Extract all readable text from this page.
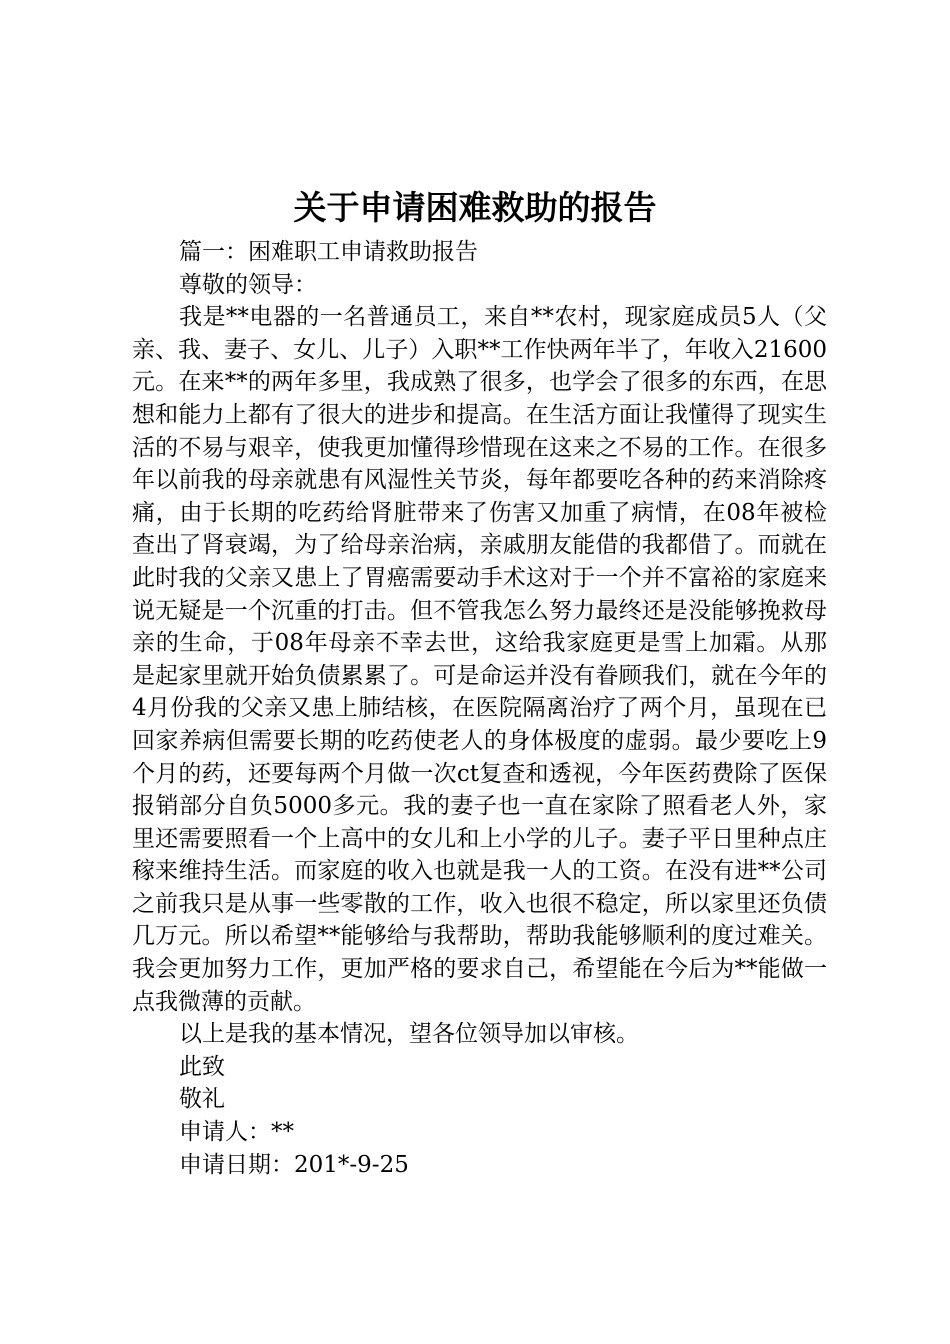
关于申请困难救助的报告
篇一：困难职工申请救助报告
尊敬的领导：

我是**电器的一名普通员工，来自**农村，现家庭成员5人（父亲、我、妻子、女儿、儿子）入职**工作快两年半了，年收入21600元。在来**的两年多里，我成熟了很多，也学会了很多的东西，在思想和能力上都有了很大的进步和提高。在生活方面让我懂得了现实生活的不易与艰辛，使我更加懂得珍惜现在这来之不易的工作。在很多年以前我的母亲就患有风湿性关节炎，每年都要吃各种的药来消除疼痛，由于长期的吃药给肾脏带来了伤害又加重了病情，在08年被检查出了肾衰竭，为了给母亲治病，亲戚朋友能借的我都借了。而就在此时我的父亲又患上了胃癌需要动手术这对于一个并不富裕的家庭来说无疑是一个沉重的打击。但不管我怎么努力最终还是没能够挽救母亲的生命，于08年母亲不幸去世，这给我家庭更是雪上加霜。从那是起家里就开始负债累累了。可是命运并没有眷顾我们，就在今年的4月份我的父亲又患上肺结核，在医院隔离治疗了两个月，虽现在已回家养病但需要长期的吃药使老人的身体极度的虚弱。最少要吃上9个月的药，还要每两个月做一次ct复查和透视，今年医药费除了医保报销部分自负5000多元。我的妻子也一直在家除了照看老人外，家里还需要照看一个上高中的女儿和上小学的儿子。妻子平日里种点庄稼来维持生活。而家庭的收入也就是我一人的工资。在没有进**公司之前我只是从事一些零散的工作，收入也很不稳定，所以家里还负债几万元。所以希望**能够给与我帮助，帮助我能够顺利的度过难关。我会更加努力工作，更加严格的要求自己，希望能在今后为**能做一点我微薄的贡献。

以上是我的基本情况，望各位领导加以审核。
此致
敬礼
申请人：**
申请日期：201*-9-25
